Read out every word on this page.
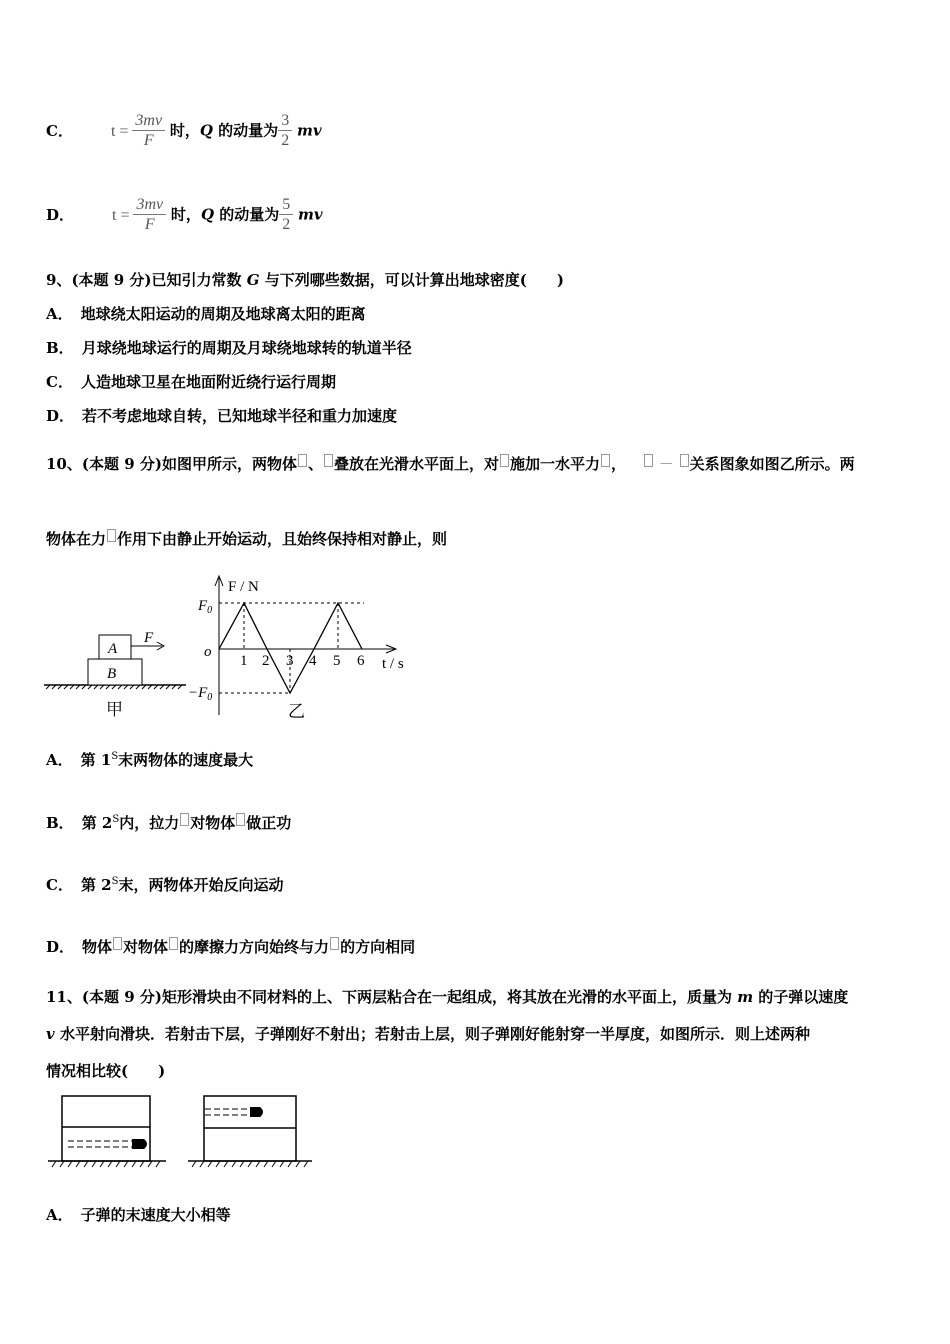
C． $t = \frac{3mv}{F}$ 时，Q 的动量为 $\frac{3}{2}$ mv
D． $t = \frac{3mv}{F}$ 时，Q 的动量为 $\frac{5}{2}$ mv
9、(本题 9 分)已知引力常数 G 与下列哪些数据，可以计算出地球密度(　　)
A． 地球绕太阳运动的周期及地球离太阳的距离
B． 月球绕地球运行的周期及月球绕地球转的轨道半径
C． 人造地球卫星在地面附近绕行运行周期
D． 若不考虑地球自转，已知地球半径和重力加速度
10、(本题 9 分)如图甲所示，两物体 、 叠放在光滑水平面上，对 施加一水平力 ， － 关系图象如图乙所示。两
物体在力 作用下由静止开始运动，且始终保持相对静止，则
A
B
F
甲
F / N
t / s
o
$F_0$
$-F_0$
1 2 3 4 5 6
乙
A． 第 $1^S$末两物体的速度最大
B． 第 $2^S$内，拉力 对物体 做正功
C． 第 $2^S$末，两物体开始反向运动
D． 物体 对物体 的摩擦力方向始终与力 的方向相同
11、(本题 9 分)矩形滑块由不同材料的上、下两层粘合在一起组成，将其放在光滑的水平面上，质量为 m 的子弹以速度
v 水平射向滑块．若射击下层，子弹刚好不射出；若射击上层，则子弹刚好能射穿一半厚度，如图所示．则上述两种
情况相比较(　　)
A． 子弹的末速度大小相等
